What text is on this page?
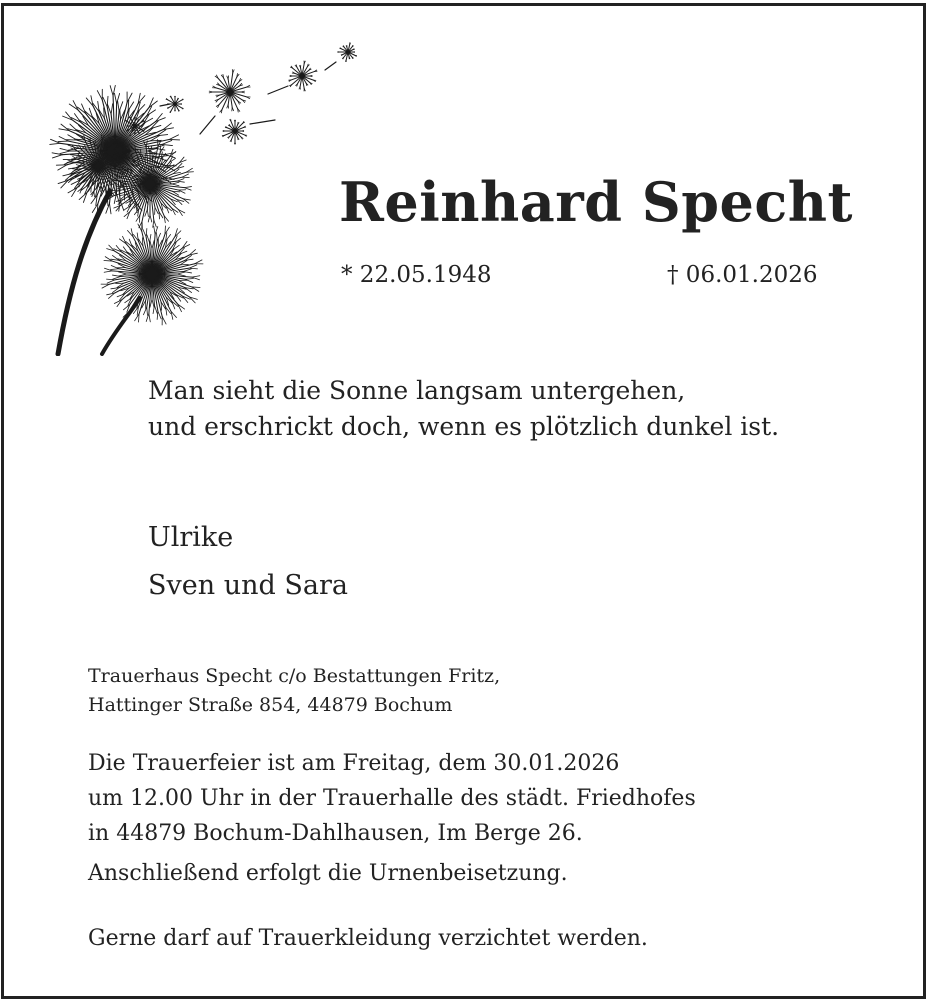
Reinhard Specht
* 22.05.1948	† 06.01.2026
Man sieht die Sonne langsam untergehen,
und erschrickt doch, wenn es plötzlich dunkel ist.
Ulrike
Sven und Sara
Trauerhaus Specht c/o Bestattungen Fritz,
Hattinger Straße 854, 44879 Bochum
Die Trauerfeier ist am Freitag, dem 30.01.2026
um 12.00 Uhr in der Trauerhalle des städt. Friedhofes
in 44879 Bochum-Dahlhausen, Im Berge 26.
Anschließend erfolgt die Urnenbeisetzung.
Gerne darf auf Trauerkleidung verzichtet werden.
